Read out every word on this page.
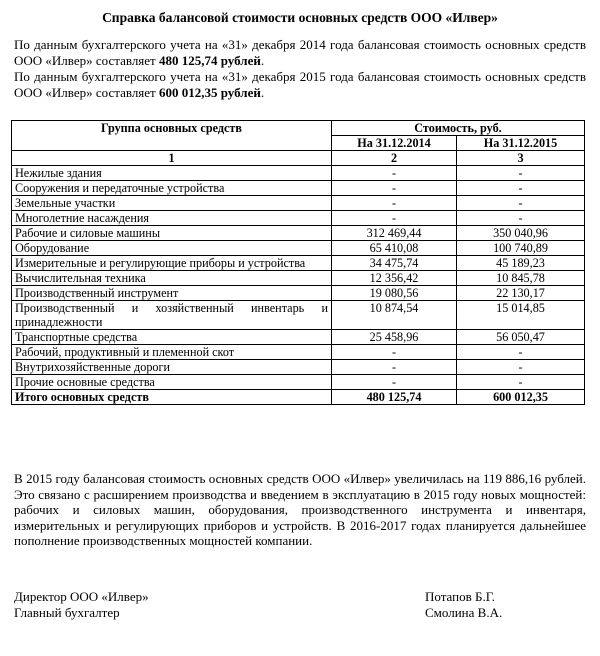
Справка балансовой стоимости основных средств ООО «Илвер»
По данным бухгалтерского учета на «31» декабря 2014 года балансовая стоимость основных средств ООО «Илвер» составляет 480 125,74 рублей.
По данным бухгалтерского учета на «31» декабря 2015 года балансовая стоимость основных средств ООО «Илвер» составляет 600 012,35 рублей.
Группа основных средств	Стоимость, руб.	
	На 31.12.2014	На 31.12.2015
1	2	3
Нежилые здания	-	-
Сооружения и передаточные устройства	-	-
Земельные участки	-	-
Многолетние насаждения	-	-
Рабочие и силовые машины	312 469,44	350 040,96
Оборудование	65 410,08	100 740,89
Измерительные и регулирующие приборы и устройства	34 475,74	45 189,23
Вычислительная техника	12 356,42	10 845,78
Производственный инструмент	19 080,56	22 130,17
Производственный и хозяйственный инвентарь и принадлежности	10 874,54	15 014,85
Транспортные средства	25 458,96	56 050,47
Рабочий, продуктивный и племенной скот	-	-
Внутрихозяйственные дороги	-	-
Прочие основные средства	-	-
Итого основных средств	480 125,74	600 012,35
В 2015 году балансовая стоимость основных средств ООО «Илвер» увеличилась на 119 886,16 рублей. Это связано с расширением производства и введением в эксплуатацию в 2015 году новых мощностей: рабочих и силовых машин, оборудования, производственного инструмента и инвентаря, измерительных и регулирующих приборов и устройств. В 2016-2017 годах планируется дальнейшее пополнение производственных мощностей компании.
Директор ООО «Илвер»	Потапов Б.Г.
Главный бухгалтер	Смолина В.А.
